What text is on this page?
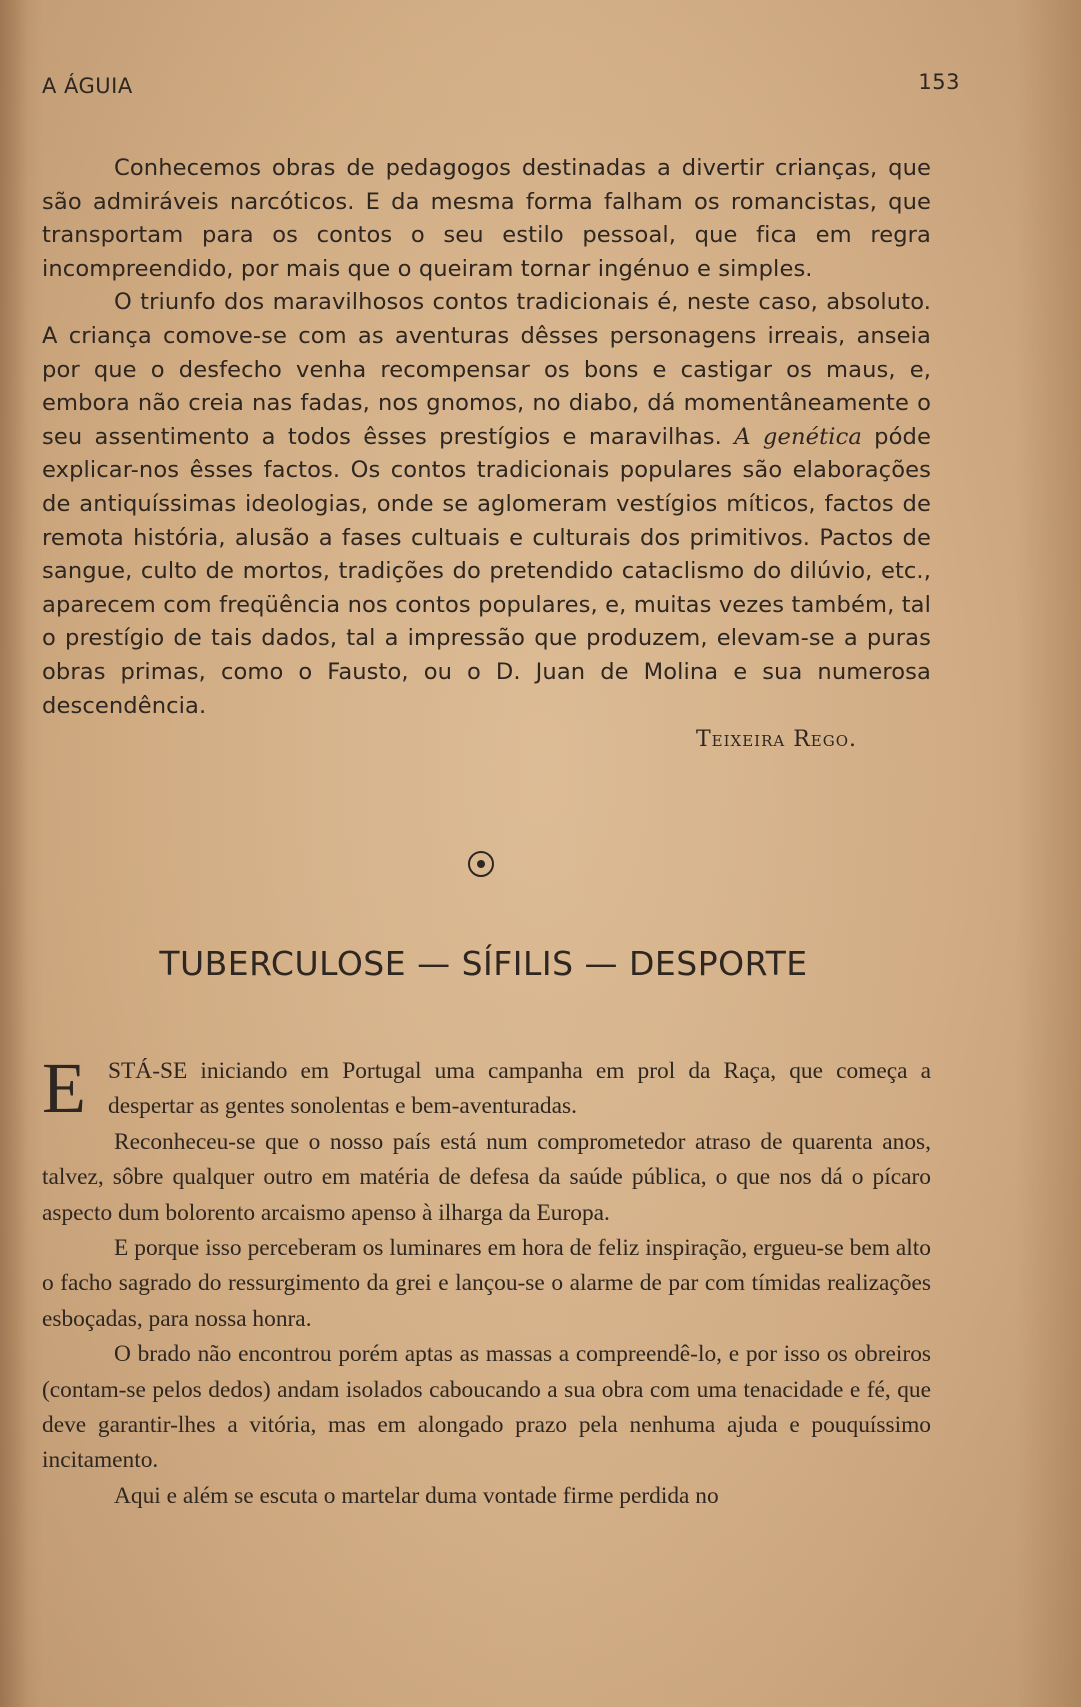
A ÁGUIA	153

Conhecemos obras de pedagogos destinadas a divertir crianças, que são admiráveis narcóticos. E da mesma forma falham os romancistas, que transportam para os contos o seu estilo pessoal, que fica em regra incompreendido, por mais que o queiram tornar ingénuo e simples.

O triunfo dos maravilhosos contos tradicionais é, neste caso, absoluto. A criança comove-se com as aventuras dêsses personagens irreais, anseia por que o desfecho venha recompensar os bons e castigar os maus, e, embora não creia nas fadas, nos gnomos, no diabo, dá momentâneamente o seu assentimento a todos êsses prestígios e maravilhas. A genética póde explicar-nos êsses factos. Os contos tradicionais populares são elaborações de antiquíssimas ideologias, onde se aglomeram vestígios míticos, factos de remota história, alusão a fases cultuais e culturais dos primitivos. Pactos de sangue, culto de mortos, tradições do pretendido cataclismo do dilúvio, etc., aparecem com freqüência nos contos populares, e, muitas vezes também, tal o prestígio de tais dados, tal a impressão que produzem, elevam-se a puras obras primas, como o Fausto, ou o D. Juan de Molina e sua numerosa descendência.

Teixeira Rego.

TUBERCULOSE — SÍFILIS — DESPORTE

E STÁ-SE iniciando em Portugal uma campanha em prol da Raça, que começa a despertar as gentes sonolentas e bem-aventuradas.

Reconheceu-se que o nosso país está num comprometedor atraso de quarenta anos, talvez, sôbre qualquer outro em matéria de defesa da saúde pública, o que nos dá o pícaro aspecto dum bolorento arcaismo apenso à ilharga da Europa.

E porque isso perceberam os luminares em hora de feliz inspiração, ergueu-se bem alto o facho sagrado do ressurgimento da grei e lançou-se o alarme de par com tímidas realizações esboçadas, para nossa honra.

O brado não encontrou porém aptas as massas a compreendê-lo, e por isso os obreiros (contam-se pelos dedos) andam isolados caboucando a sua obra com uma tenacidade e fé, que deve garantir-lhes a vitória, mas em alongado prazo pela nenhuma ajuda e pouquíssimo incitamento.

Aqui e além se escuta o martelar duma vontade firme perdida no
